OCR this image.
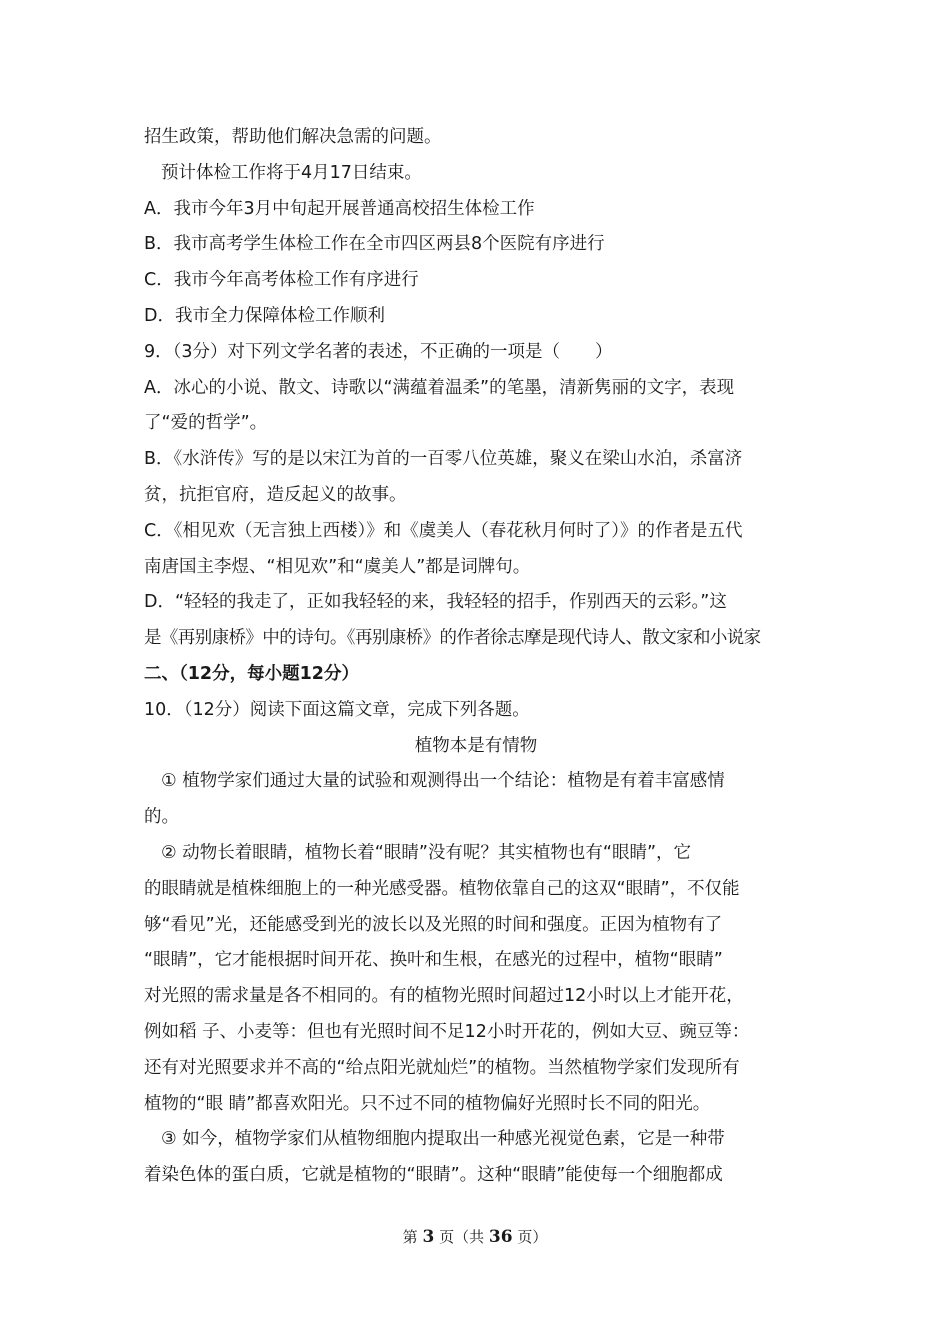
招生政策，帮助他们解决急需的问题。
预计体检工作将于4月17日结束。
A．我市今年3月中旬起开展普通高校招生体检工作
B．我市高考学生体检工作在全市四区两县8个医院有序进行
C．我市今年高考体检工作有序进行
D．我市全力保障体检工作顺利
9．（3分）对下列文学名著的表述，不正确的一项是（　　）
A．冰心的小说、散文、诗歌以“满蕴着温柔”的笔墨，清新隽丽的文字，表现
了“爱的哲学”。
B．《水浒传》写的是以宋江为首的一百零八位英雄，聚义在梁山水泊，杀富济
贫，抗拒官府，造反起义的故事。
C．《相见欢（无言独上西楼）》和《虞美人（春花秋月何时了）》的作者是五代
南唐国主李煜、“相见欢”和“虞美人”都是词牌句。
D．“轻轻的我走了，正如我轻轻的来，我轻轻的招手，作别西天的云彩。”这
是《再别康桥》中的诗句。《再别康桥》的作者徐志摩是现代诗人、散文家和小说家
二、（12分，每小题12分）
10．（12分）阅读下面这篇文章，完成下列各题。
植物本是有情物
① 植物学家们通过大量的试验和观测得出一个结论：植物是有着丰富感情
的。
② 动物长着眼睛，植物长着“眼睛”没有呢？其实植物也有“眼睛”，它
的眼睛就是植株细胞上的一种光感受器。植物依靠自己的这双“眼睛”，不仅能
够“看见”光，还能感受到光的波长以及光照的时间和强度。正因为植物有了
“眼睛”，它才能根据时间开花、换叶和生根，在感光的过程中，植物“眼睛”
对光照的需求量是各不相同的。有的植物光照时间超过12小时以上才能开花，
例如稻 子、小麦等：但也有光照时间不足12小时开花的，例如大豆、豌豆等：
还有对光照要求并不高的“给点阳光就灿烂”的植物。当然植物学家们发现所有
植物的“眼 睛”都喜欢阳光。只不过不同的植物偏好光照时长不同的阳光。
③ 如今，植物学家们从植物细胞内提取出一种感光视觉色素，它是一种带
着染色体的蛋白质，它就是植物的“眼睛”。这种“眼睛”能使每一个细胞都成
第 3 页（共 36 页）
